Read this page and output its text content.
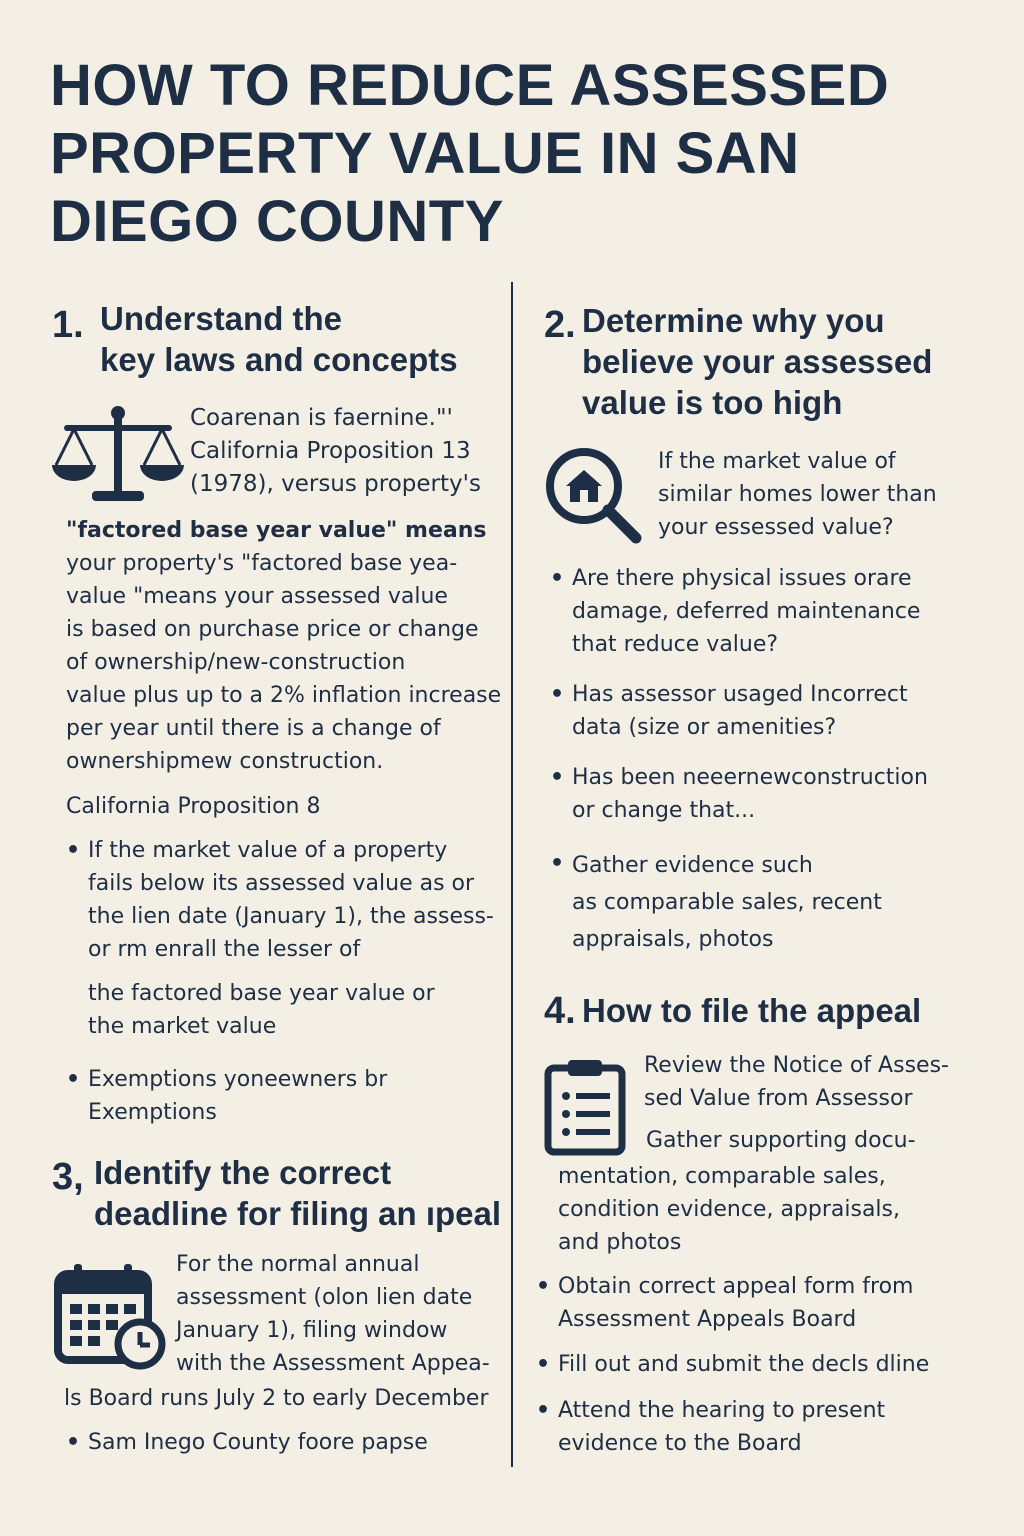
HOW TO REDUCE ASSESSED PROPERTY VALUE IN SAN DIEGO COUNTY
1. Understand the
key laws and concepts
Coarenan is faernine."'
California Proposition 13
(1978), versus property's
"factored base year value" means
your property's "factored base yea-
value "means your assessed value
is based on purchase price or change
of ownership/new-construction
value plus up to a 2% inflation increase
per year until there is a change of
ownershipmew construction.
California Proposition 8
• If the market value of a property
fails below its assessed value as or
the lien date (January 1), the assess-
or rm enrall the lesser of
the factored base year value or
the market value
• Exemptions yoneewners br
Exemptions
3, Identify the correct
deadline for filing an ıpeal
For the normal annual
assessment (olon lien date
January 1), filing window
with the Assessment Appea-
ls Board runs July 2 to early December
• Sam Inego County foore papse
2. Determine why you
believe your assessed
value is too high
If the market value of
similar homes lower than
your essessed value?
• Are there physical issues orare
damage, deferred maintenance
that reduce value?
• Has assessor usaged Incorrect
data (size or amenities?
• Has been neeernewconstruction
or change that...
• Gather evidence such
as comparable sales, recent
appraisals, photos
4. How to file the appeal
Review the Notice of Asses-
sed Value from Assessor
Gather supporting docu-
mentation, comparable sales,
condition evidence, appraisals,
and photos
• Obtain correct appeal form from
Assessment Appeals Board
• Fill out and submit the decls dline
• Attend the hearing to present
evidence to the Board
